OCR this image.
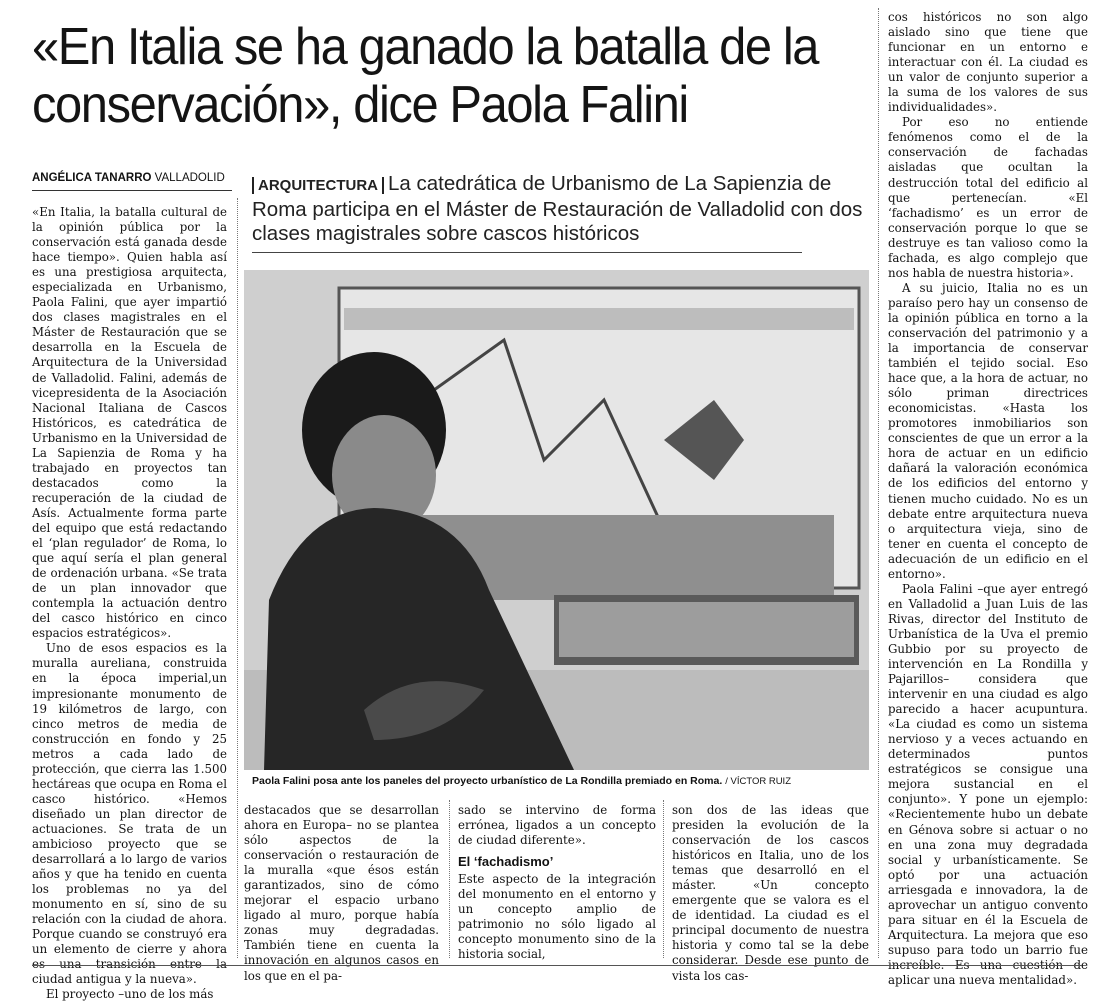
«En Italia se ha ganado la batalla de la conservación», dice Paola Falini
ANGÉLICA TANARRO VALLADOLID	ARQUITECTURA La catedrática de Urbanismo de La Sapienzia de Roma participa en el Máster de Restauración de Valladolid con dos clases magistrales sobre cascos históricos

«En Italia, la batalla cultural de la opinión pública por la conservación está ganada desde hace tiempo». Quien habla así es una prestigiosa arquitecta, especializada en Urbanismo, Paola Falini, que ayer impartió dos clases magistrales en el Máster de Restauración que se desarrolla en la Escuela de Arquitectura de la Universidad de Valladolid. Falini, además de vicepresidenta de la Asociación Nacional Italiana de Cascos Históricos, es catedrática de Urbanismo en la Universidad de La Sapienzia de Roma y ha trabajado en proyectos tan destacados como la recuperación de la ciudad de Asís. Actualmente forma parte del equipo que está redactando el ‘plan regulador’ de Roma, lo que aquí sería el plan general de ordenación urbana. «Se trata de un plan innovador que contempla la actuación dentro del casco histórico en cinco espacios estratégicos».

Uno de esos espacios es la muralla aureliana, construida en la época imperial,un impresionante monumento de 19 kilómetros de largo, con cinco metros de media de construcción en fondo y 25 metros a cada lado de protección, que cierra las 1.500 hectáreas que ocupa en Roma el casco histórico. «Hemos diseñado un plan director de actuaciones. Se trata de un ambicioso proyecto que se desarrollará a lo largo de varios años y que ha tenido en cuenta los problemas no ya del monumento en sí, sino de su relación con la ciudad de ahora. Porque cuando se construyó era un elemento de cierre y ahora es una transición entre la ciudad antigua y la nueva».

El proyecto –uno de los más

Paola Falini posa ante los paneles del proyecto urbanístico de La Rondilla premiado en Roma. / VÍCTOR RUIZ

destacados que se desarrollan ahora en Europa– no se plantea sólo aspectos de la conservación o restauración de la muralla «que ésos están garantizados, sino de cómo mejorar el espacio urbano ligado al muro, porque había zonas muy degradadas. También tiene en cuenta la innovación en algunos casos en los que en el pa-

sado se intervino de forma errónea, ligados a un concepto de ciudad diferente».

El ‘fachadismo’

Este aspecto de la integración del monumento en el entorno y un concepto amplio de patrimonio no sólo ligado al concepto monumento sino de la historia social,

son dos de las ideas que presiden la evolución de la conservación de los cascos históricos en Italia, uno de los temas que desarrolló en el máster. «Un concepto emergente que se valora es el de identidad. La ciudad es el principal documento de nuestra historia y como tal se la debe considerar. Desde ese punto de vista los cas-

cos históricos no son algo aislado sino que tiene que funcionar en un entorno e interactuar con él. La ciudad es un valor de conjunto superior a la suma de los valores de sus individualidades».

Por eso no entiende fenómenos como el de la conservación de fachadas aisladas que ocultan la destrucción total del edificio al que pertenecían. «El ‘fachadismo’ es un error de conservación porque lo que se destruye es tan valioso como la fachada, es algo complejo que nos habla de nuestra historia».

A su juicio, Italia no es un paraíso pero hay un consenso de la opinión pública en torno a la conservación del patrimonio y a la importancia de conservar también el tejido social. Eso hace que, a la hora de actuar, no sólo priman directrices economicistas. «Hasta los promotores inmobiliarios son conscientes de que un error a la hora de actuar en un edificio dañará la valoración económica de los edificios del entorno y tienen mucho cuidado. No es un debate entre arquitectura nueva o arquitectura vieja, sino de tener en cuenta el concepto de adecuación de un edificio en el entorno».

Paola Falini –que ayer entregó en Valladolid a Juan Luis de las Rivas, director del Instituto de Urbanística de la Uva el premio Gubbio por su proyecto de intervención en La Rondilla y Pajarillos– considera que intervenir en una ciudad es algo parecido a hacer acupuntura. «La ciudad es como un sistema nervioso y a veces actuando en determinados puntos estratégicos se consigue una mejora sustancial en el conjunto». Y pone un ejemplo: «Recientemente hubo un debate en Génova sobre si actuar o no en una zona muy degradada social y urbanísticamente. Se optó por una actuación arriesgada e innovadora, la de aprovechar un antiguo convento para situar en él la Escuela de Arquitectura. La mejora que eso supuso para todo un barrio fue increíble. Es una cuestión de aplicar una nueva mentalidad».
